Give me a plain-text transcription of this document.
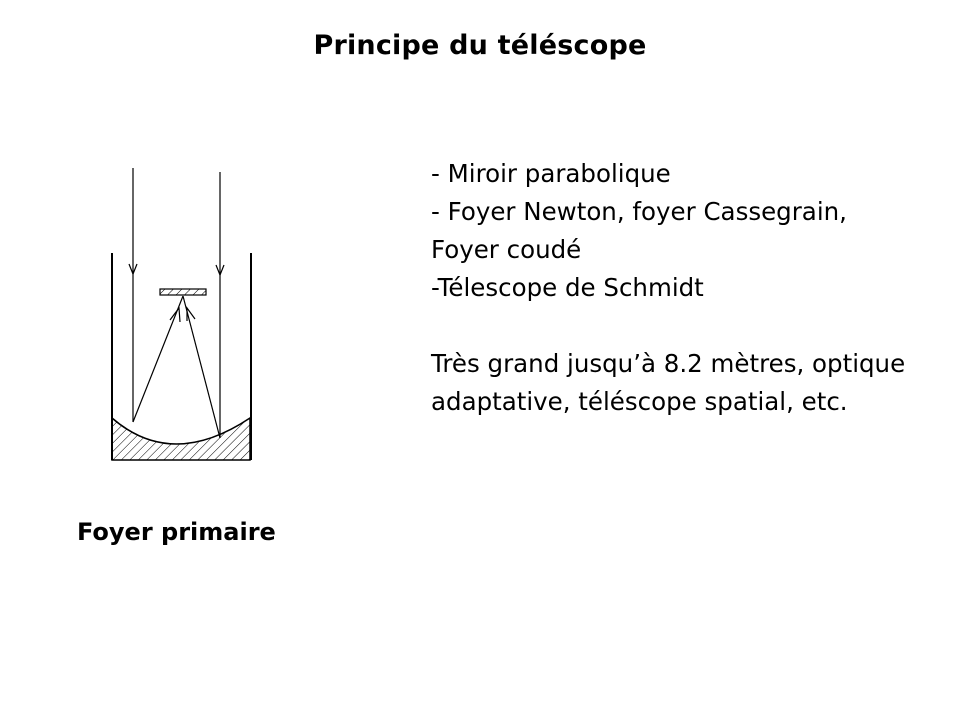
Principe du téléscope
- Miroir parabolique
- Foyer Newton, foyer Cassegrain,
Foyer coudé
-Télescope de Schmidt
Très grand jusqu’à 8.2 mètres, optique
adaptative, téléscope spatial, etc.
Foyer primaire
